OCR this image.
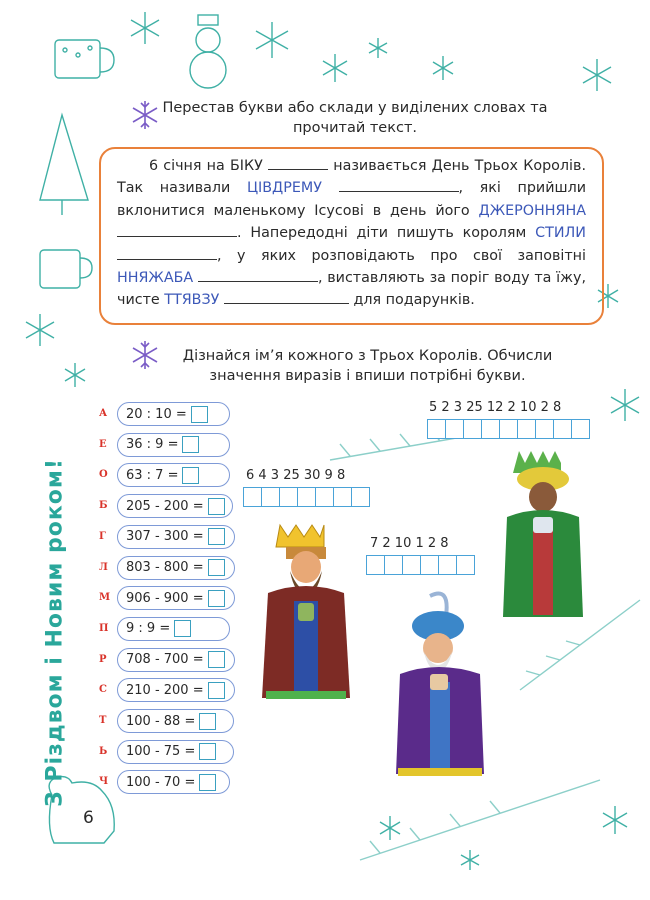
З Різдвом і Новим роком!
6
Перестав букви або склади у виділених словах та прочитай текст.

6 січня на БІКУ	називається День Трьох Королів. Так називали ЦІВДРЕМУ	, які прийшли вклонитися маленькому Ісусові в день його ДЖЕРОННЯНА . Напередодні діти пишуть королям СТИЛИ , у яких розповідають про свої заповітні ННЯЖАБА	, виставляють за поріг воду та їжу, чисте ТТЯВЗУ	для подарунків.

Дізнайся ім’я кожного з Трьох Королів. Обчисли значення виразів і впиши потрібні букви.
А 20 : 10 =
Е 36 : 9 =
О 63 : 7 =
Б 205 - 200 =
Г 307 - 300 =
Л 803 - 800 =
М 906 - 900 =
П 9 : 9 =
Р 708 - 700 =
С 210 - 200 =
Т 100 - 88 =
Ь 100 - 75 =
Ч 100 - 70 =
5 2 3 25 12 2 10 2 8
6 4 3 25 30 9 8
7 2 10 1 2 8
